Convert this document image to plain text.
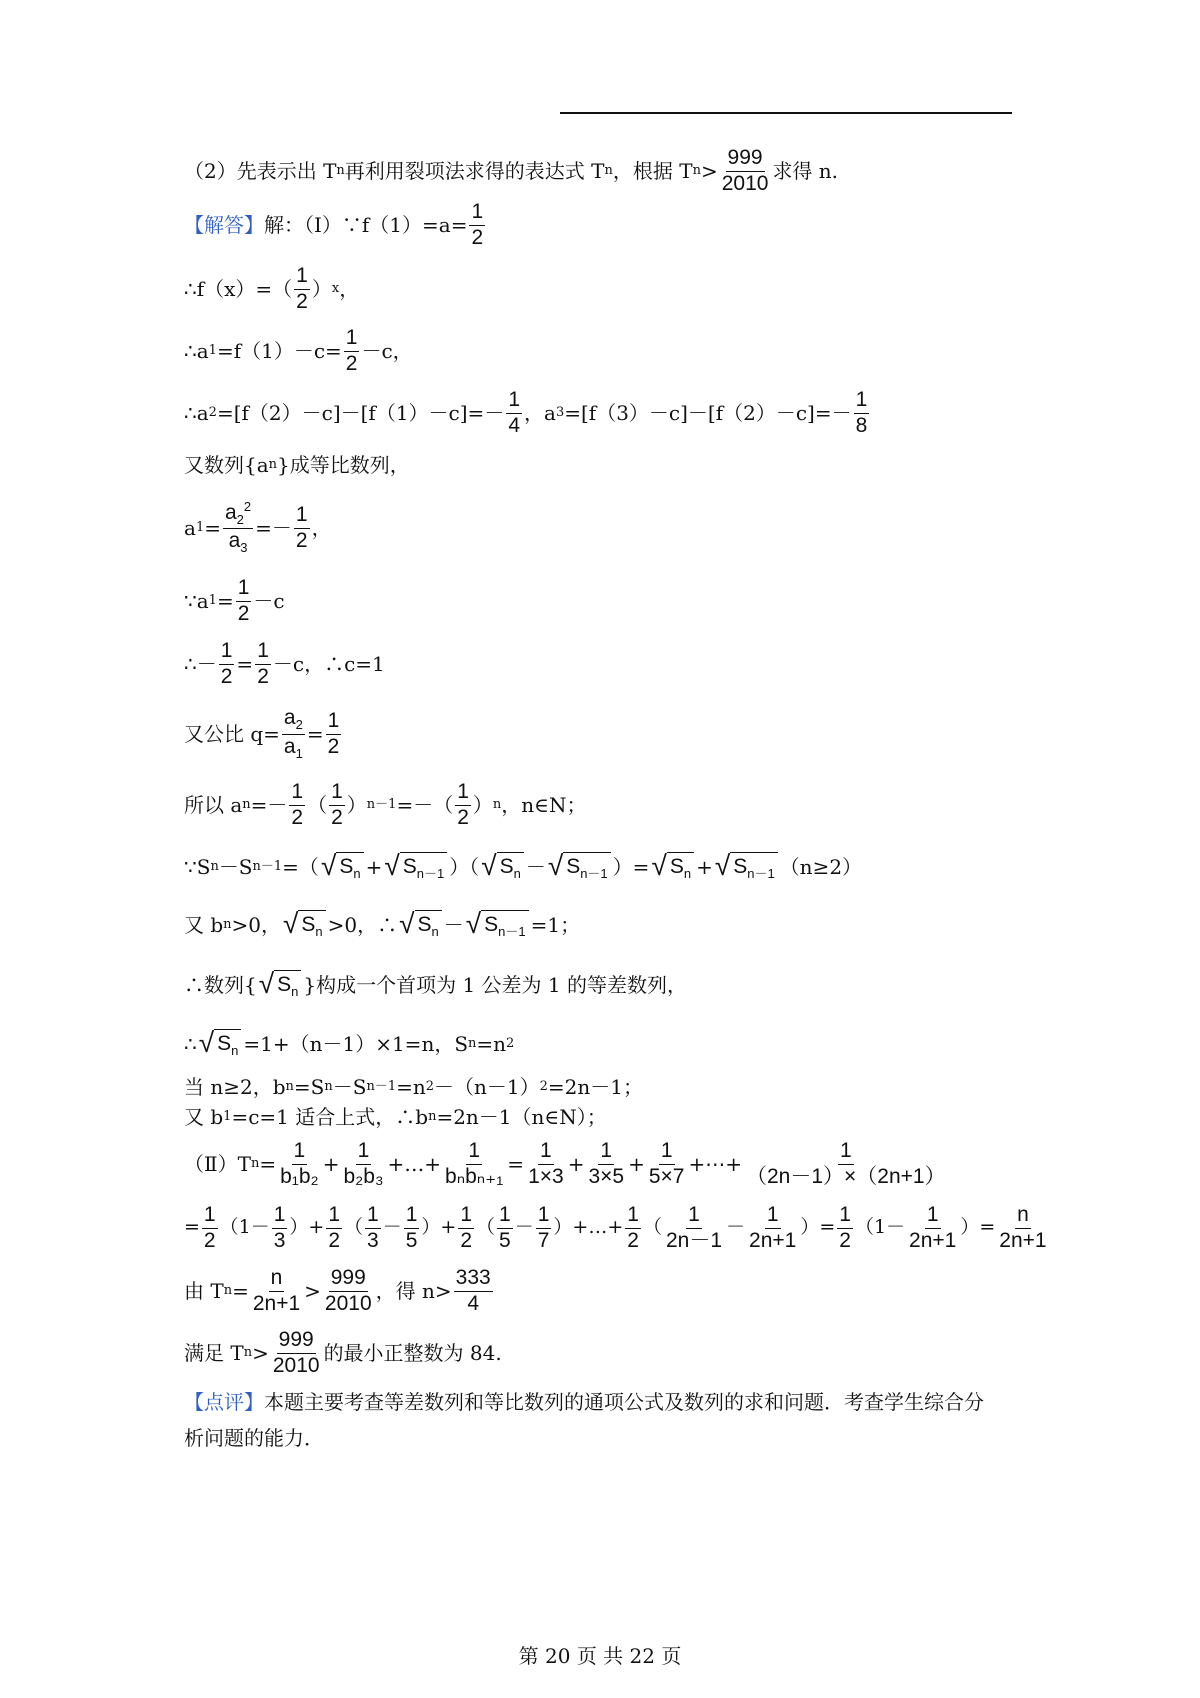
（2）先表示出 T n 再利用裂项法求得的表达式 T n ，根据 T $n > \frac{999}{2010}$ 求得 n.
【解答】 解：（Ⅰ）∵f（1）=a= $\frac{1}{2}$
∴f（x）=（ $\frac{1}{2}$ ） x ，
∴a $1 =f(1)-c= \frac{1}{2} -c$，
∴a $2 =[f(2)-c]-[f(1)-c]=- \frac{1}{4}$ ，a $3 =[f(3)-c]-[f(2)-c]=- \frac{1}{8}$
又数列{a n }成等比数列，
a $1 = \frac{a_2^2}{a_3} =- \frac{1}{2}$ ，
∵a $1 = \frac{1}{2} -c$
∴－ $\frac{1}{2} = \frac{1}{2} -c$，∴c=1
又公比 $q= \frac{a_2}{a_1} = \frac{1}{2}$
所以 a $n =- \frac{1}{2}$ （ $\frac{1}{2}$ ） n－1 =－（ $\frac{1}{2}$ ） n ，n∈N；
∵S n －S n－1 =（ √ $S_n$ + √ $S_{n-1}$ ）（ √ $S_n$ － √ $S_{n-1}$ ）= √ $S_n$ + √ $S_{n-1}$ （n≥2）
又 b n >0， √ $S_n >0$，∴ √ $S_n$ － √ $S_{n-1} =1$；
∴数列{ √ $S_n$ }构成一个首项为 1 公差为 1 的等差数列，
∴ √ $S_n =1+(n-1)\times 1=n$，S n =n 2
当 n≥2，b n =S n －S n－1 =n 2 －（n－1） 2 =2n－1；
又 b 1 =c=1 适合上式，∴b n =2n－1（n∈N）；
（Ⅱ）T $n = \frac{1}{\text{b₁b₂}} + \frac{1}{\text{b₂b₃}}$ +…+ $\frac{1}{\text{bₙbₙ₊₁}} = \frac{1}{1\times 3} + \frac{1}{3\times 5} + \frac{1}{5\times 7}$ +⋯+ $\frac{1}{(2n-1)\times(2n+1)}$
= $\frac{1}{2} (1- \frac{1}{3}$ ）+ $\frac{1}{2}$ （ $\frac{1}{3} - \frac{1}{5}$ ）+ $\frac{1}{2}$ （ $\frac{1}{5} - \frac{1}{7}$ ）+…+ $\frac{1}{2}$ （ $\frac{1}{2n-1} - \frac{1}{2n+1}$ ）= $\frac{1}{2} (1- \frac{1}{2n+1}$ ）= $\frac{n}{2n+1}$
由 T $n = \frac{n}{2n+1} > \frac{999}{2010}$ ，得 $n> \frac{333}{4}$
满足 T $n > \frac{999}{2010}$ 的最小正整数为 84.
【点评】本题主要考查等差数列和等比数列的通项公式及数列的求和问题．考查学生综合分
析问题的能力．
第 20 页 共 22 页
